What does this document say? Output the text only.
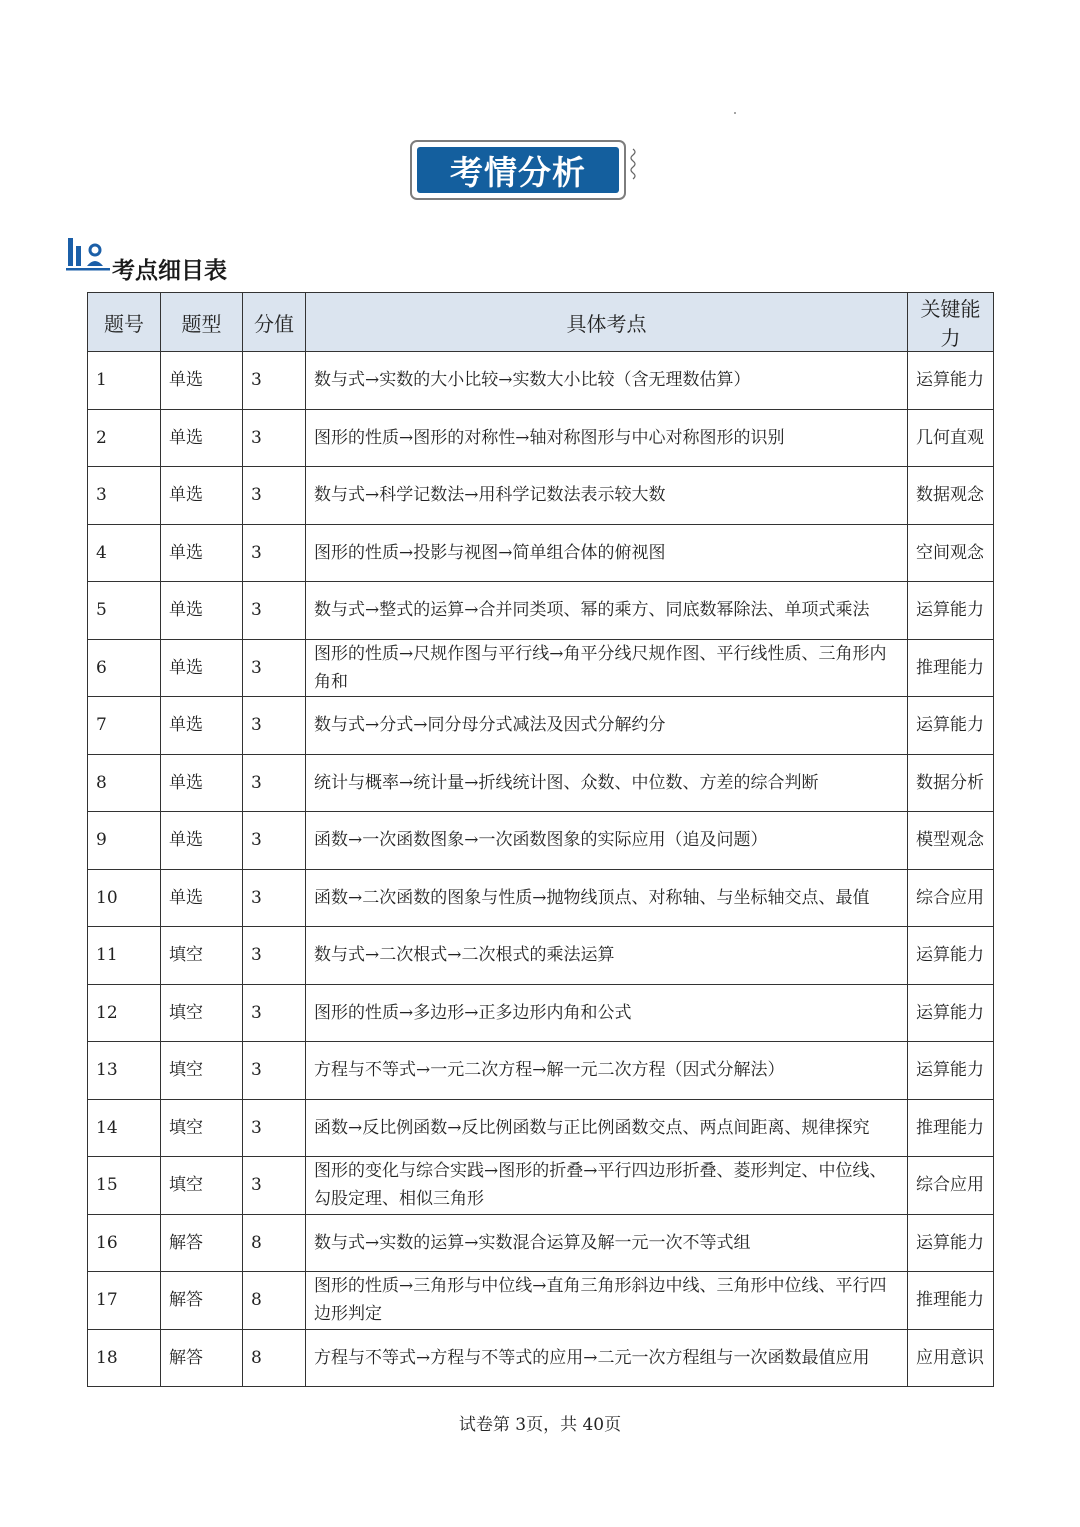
考情分析
考点细目表
题号	题型	分值	具体考点	关键能力
1	单选	3	数与式→实数的大小比较→实数大小比较（含无理数估算）	运算能力
2	单选	3	图形的性质→图形的对称性→轴对称图形与中心对称图形的识别	几何直观
3	单选	3	数与式→科学记数法→用科学记数法表示较大数	数据观念
4	单选	3	图形的性质→投影与视图→简单组合体的俯视图	空间观念
5	单选	3	数与式→整式的运算→合并同类项、幂的乘方、同底数幂除法、单项式乘法	运算能力
6	单选	3	图形的性质→尺规作图与平行线→角平分线尺规作图、平行线性质、三角形内角和	推理能力
7	单选	3	数与式→分式→同分母分式减法及因式分解约分	运算能力
8	单选	3	统计与概率→统计量→折线统计图、众数、中位数、方差的综合判断	数据分析
9	单选	3	函数→一次函数图象→一次函数图象的实际应用（追及问题）	模型观念
10	单选	3	函数→二次函数的图象与性质→抛物线顶点、对称轴、与坐标轴交点、最值	综合应用
11	填空	3	数与式→二次根式→二次根式的乘法运算	运算能力
12	填空	3	图形的性质→多边形→正多边形内角和公式	运算能力
13	填空	3	方程与不等式→一元二次方程→解一元二次方程（因式分解法）	运算能力
14	填空	3	函数→反比例函数→反比例函数与正比例函数交点、两点间距离、规律探究	推理能力
15	填空	3	图形的变化与综合实践→图形的折叠→平行四边形折叠、菱形判定、中位线、勾股定理、相似三角形	综合应用
16	解答	8	数与式→实数的运算→实数混合运算及解一元一次不等式组	运算能力
17	解答	8	图形的性质→三角形与中位线→直角三角形斜边中线、三角形中位线、平行四边形判定	推理能力
18	解答	8	方程与不等式→方程与不等式的应用→二元一次方程组与一次函数最值应用	应用意识
试卷第 3页，共 40页
